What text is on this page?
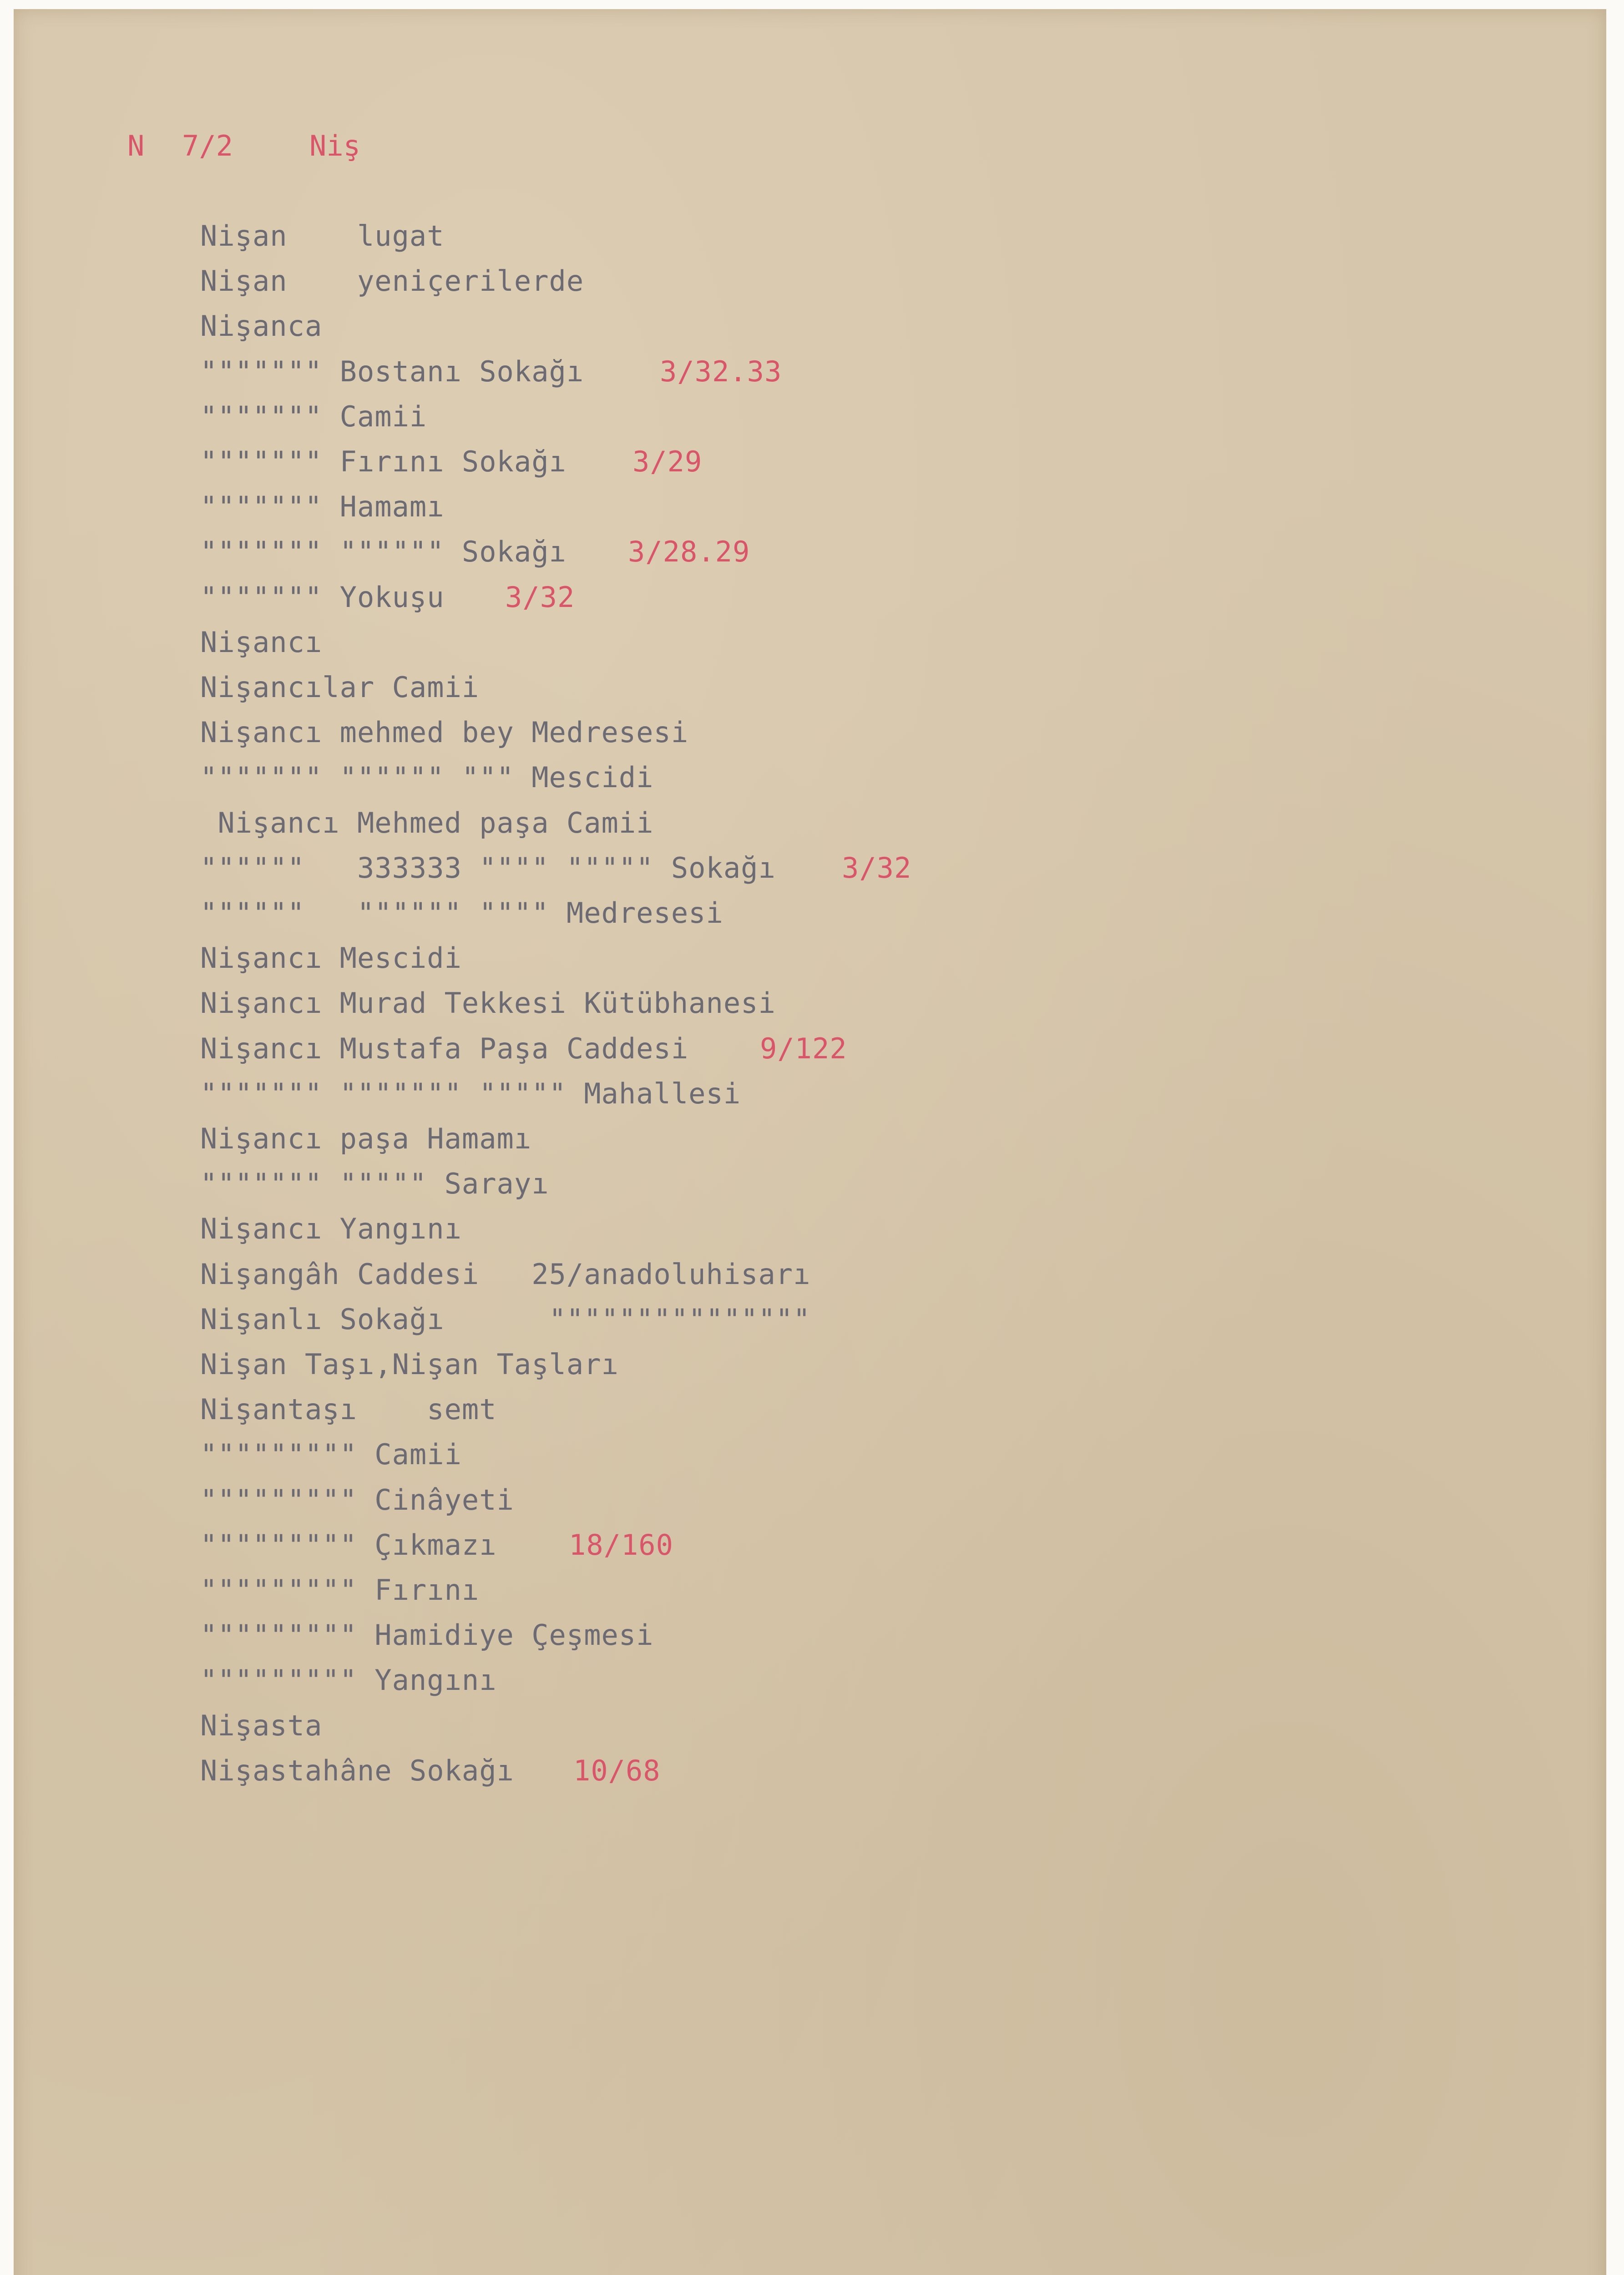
N 7/2	Niş
Nişan    lugat
Nişan    yeniçerilerde
Nişanca
""""""" Bostanı Sokağı	3/32.33
""""""" Camii
""""""" Fırını Sokağı 3/29
""""""" Hamamı
""""""" """""" Sokağı 3/28.29
""""""" Yokuşu 3/32
Nişancı
Nişancılar Camii
Nişancı mehmed bey Medresesi
""""""" """""" """ Mescidi
Nişancı Mehmed paşa Camii
""""""   333333 """" """"" Sokağı 3/32
""""""   """""" """" Medresesi
Nişancı Mescidi
Nişancı Murad Tekkesi Kütübhanesi
Nişancı Mustafa Paşa Caddesi	9/122
""""""" """"""" """"" Mahallesi
Nişancı paşa Hamamı
""""""" """"" Sarayı
Nişancı Yangını
Nişangâh Caddesi   25/anadoluhisarı
Nişanlı Sokağı      """""""""""""""
Nişan Taşı,Nişan Taşları
Nişantaşı    semt
""""""""" Camii
""""""""" Cinâyeti
""""""""" Çıkmazı	18/160
""""""""" Fırını
""""""""" Hamidiye Çeşmesi
""""""""" Yangını
Nişasta
Nişastahâne Sokağı 10/68
